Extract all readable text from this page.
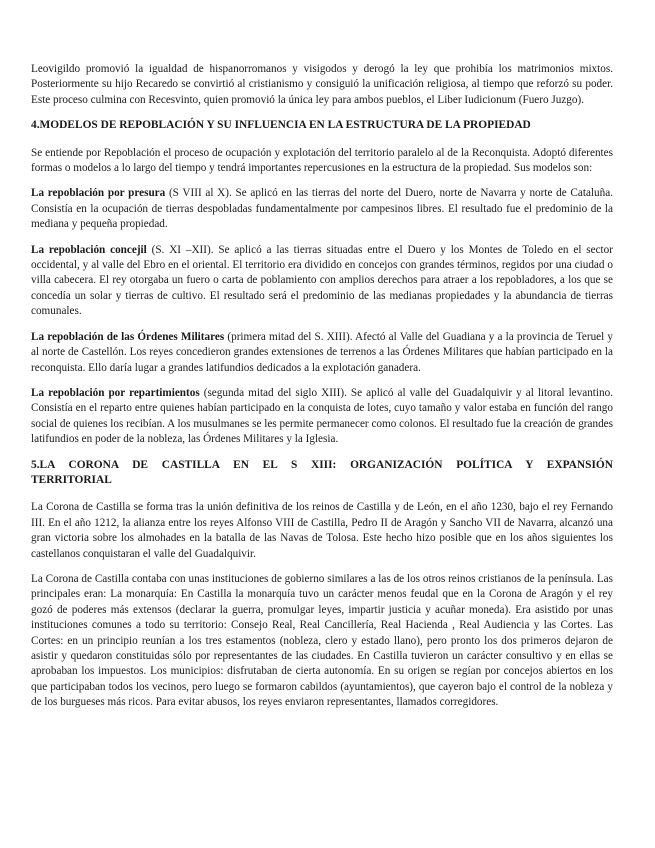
Leovigildo promovió la igualdad de hispanorromanos y visigodos y derogó la ley que prohibía los matrimonios mixtos. Posteriormente su hijo Recaredo se convirtió al cristianismo y consiguió la unificación religiosa, al tiempo que reforzó su poder. Este proceso culmina con Recesvinto, quien promovió la única ley para ambos pueblos, el Liber Iudicionum (Fuero Juzgo).

4.MODELOS DE REPOBLACIÓN Y SU INFLUENCIA EN LA ESTRUCTURA DE LA PROPIEDAD

Se entiende por Repoblación el proceso de ocupación y explotación del territorio paralelo al de la Reconquista. Adoptó diferentes formas o modelos a lo largo del tiempo y tendrá importantes repercusiones en la estructura de la propiedad. Sus modelos son:

La repoblación por presura (S VIII al X). Se aplicó en las tierras del norte del Duero, norte de Navarra y norte de Cataluña. Consistía en la ocupación de tierras despobladas fundamentalmente por campesinos libres. El resultado fue el predominio de la mediana y pequeña propiedad.

La repoblación concejil (S. XI –XII). Se aplicó a las tierras situadas entre el Duero y los Montes de Toledo en el sector occidental, y al valle del Ebro en el oriental. El territorio era dividido en concejos con grandes términos, regidos por una ciudad o villa cabecera. El rey otorgaba un fuero o carta de poblamiento con amplios derechos para atraer a los repobladores, a los que se concedía un solar y tierras de cultivo. El resultado será el predominio de las medianas propiedades y la abundancia de tierras comunales.

La repoblación de las Órdenes Militares (primera mitad del S. XIII). Afectó al Valle del Guadiana y a la provincia de Teruel y al norte de Castellón. Los reyes concedieron grandes extensiones de terrenos a las Órdenes Militares que habían participado en la reconquista. Ello daría lugar a grandes latifundios dedicados a la explotación ganadera.

La repoblación por repartimientos (segunda mitad del siglo XIII). Se aplicó al valle del Guadalquivir y al litoral levantino. Consistía en el reparto entre quienes habían participado en la conquista de lotes, cuyo tamaño y valor estaba en función del rango social de quienes los recibían. A los musulmanes se les permite permanecer como colonos. El resultado fue la creación de grandes latifundios en poder de la nobleza, las Órdenes Militares y la Iglesia.

5.LA CORONA DE CASTILLA EN EL S XIII: ORGANIZACIÓN POLÍTICA Y EXPANSIÓN TERRITORIAL

La Corona de Castilla se forma tras la unión definitiva de los reinos de Castilla y de León, en el año 1230, bajo el rey Fernando III. En el año 1212, la alianza entre los reyes Alfonso VIII de Castilla, Pedro II de Aragón y Sancho VII de Navarra, alcanzó una gran victoria sobre los almohades en la batalla de las Navas de Tolosa. Este hecho hizo posible que en los años siguientes los castellanos conquistaran el valle del Guadalquivir.

La Corona de Castilla contaba con unas instituciones de gobierno similares a las de los otros reinos cristianos de la península. Las principales eran: La monarquía: En Castilla la monarquía tuvo un carácter menos feudal que en la Corona de Aragón y el rey gozó de poderes más extensos (declarar la guerra, promulgar leyes, impartir justicia y acuñar moneda). Era asistido por unas instituciones comunes a todo su territorio: Consejo Real, Real Cancillería, Real Hacienda , Real Audiencia y las Cortes. Las Cortes: en un principio reunían a los tres estamentos (nobleza, clero y estado llano), pero pronto los dos primeros dejaron de asistir y quedaron constituidas sólo por representantes de las ciudades. En Castilla tuvieron un carácter consultivo y en ellas se aprobaban los impuestos. Los municipios: disfrutaban de cierta autonomía. En su origen se regían por concejos abiertos en los que participaban todos los vecinos, pero luego se formaron cabildos (ayuntamientos), que cayeron bajo el control de la nobleza y de los burgueses más ricos. Para evitar abusos, los reyes enviaron representantes, llamados corregidores.
